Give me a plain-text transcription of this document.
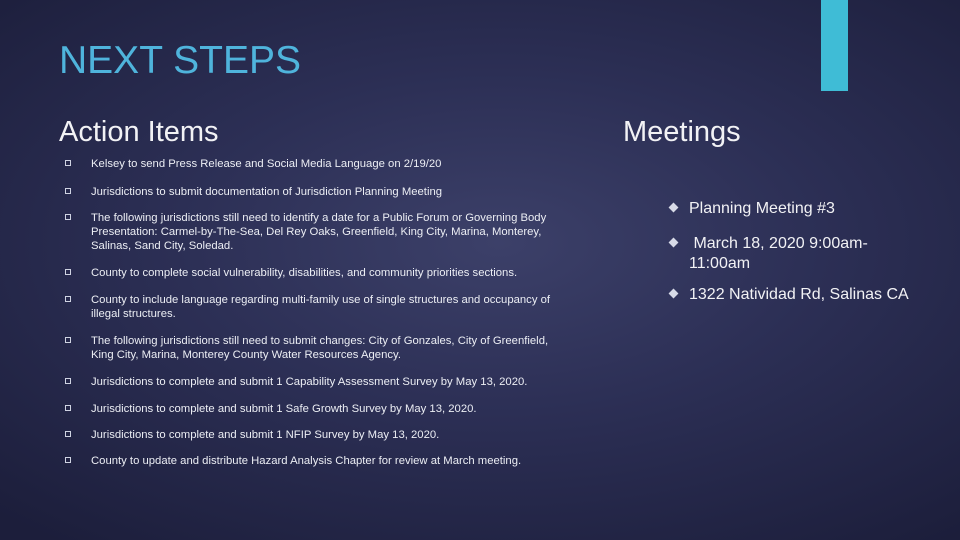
NEXT STEPS
Action Items	Meetings
Kelsey to send Press Release and Social Media Language on 2/19/20
Jurisdictions to submit documentation of Jurisdiction Planning Meeting
The following jurisdictions still need to identify a date for a Public Forum or Governing Body Presentation: Carmel-by-The-Sea, Del Rey Oaks, Greenfield, King City, Marina, Monterey, Salinas, Sand City, Soledad.
County to complete social vulnerability, disabilities, and community priorities sections.
County to include language regarding multi-family use of single structures and occupancy of illegal structures.
The following jurisdictions still need to submit changes: City of Gonzales, City of Greenfield, King City, Marina, Monterey County Water Resources Agency.
Jurisdictions to complete and submit 1 Capability Assessment Survey by May 13, 2020.
Jurisdictions to complete and submit 1 Safe Growth Survey by May 13, 2020.
Jurisdictions to complete and submit 1 NFIP Survey by May 13, 2020.
County to update and distribute Hazard Analysis Chapter for review at March meeting.
Planning Meeting #3
March 18, 2020 9:00am-11:00am
1322 Natividad Rd, Salinas CA
